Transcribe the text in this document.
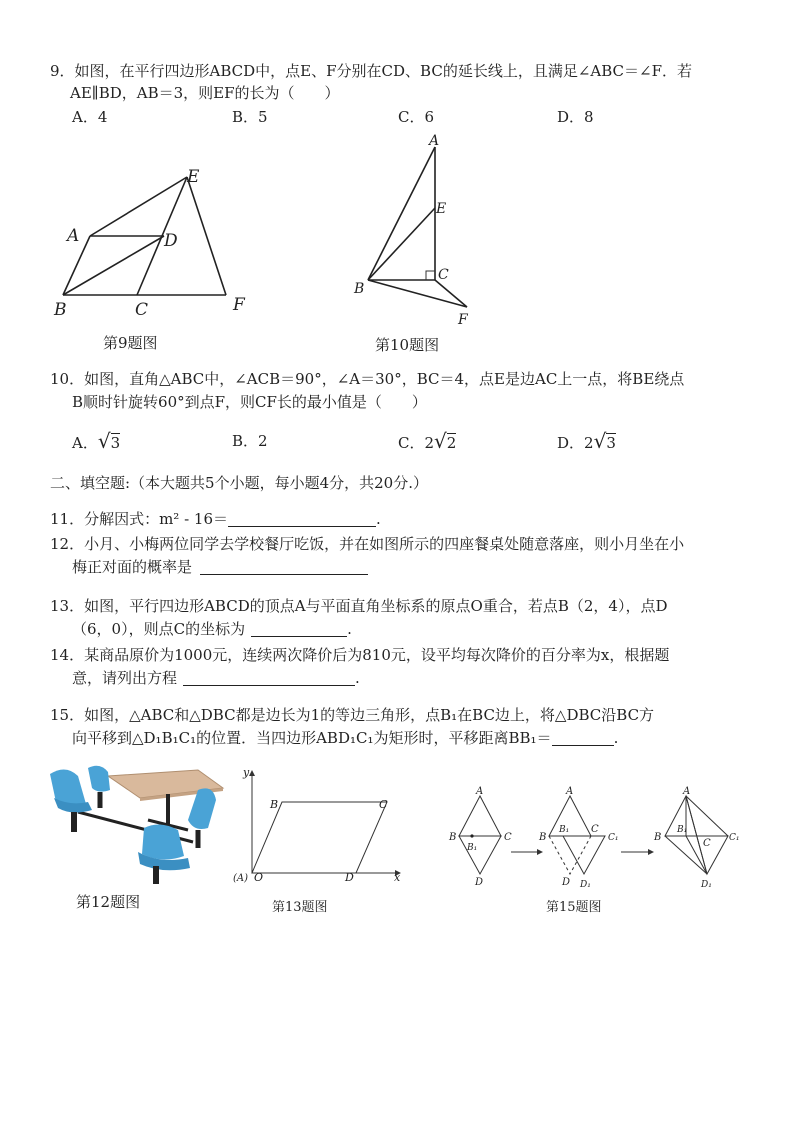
9．如图，在平行四边形ABCD中，点E、F分别在CD、BC的延长线上，且满足∠ABC＝∠F．若
AE∥BD，AB＝3，则EF的长为（　　）
A．4	B．5	C．6	D．8
A
B	C
D
E
F
第9题图
A
E
C
B
F
第10题图
10．如图，直角△ABC中，∠ACB＝90°，∠A＝30°，BC＝4，点E是边AC上一点，将BE绕点
B顺时针旋转60°到点F，则CF长的最小值是（　　）
A．√3	B．2	C．2√2	D．2√3
二、填空题:（本大题共5个小题，每小题4分，共20分.）
11．分解因式：m² - 16＝	.
12．小月、小梅两位同学去学校餐厅吃饭，并在如图所示的四座餐桌处随意落座，则小月坐在小
梅正对面的概率是
13．如图，平行四边形ABCD的顶点A与平面直角坐标系的原点O重合，若点B（2，4），点D
（6，0），则点C的坐标为	.
14．某商品原价为1000元，连续两次降价后为810元，设平均每次降价的百分率为x，根据题
意，请列出方程	.
15．如图，△ABC和△DBC都是边长为1的等边三角形，点B₁在BC边上，将△DBC沿BC方
向平移到△D₁B₁C₁的位置．当四边形ABD₁C₁为矩形时，平移距离BB₁＝	.
第12题图
y
B	C
(A) O	D	x
第13题图
A
B
B₁
C
D
A
B
B₁ C
C₁
D D₁
A
B
B₁
C C₁
D₁
第15题图
